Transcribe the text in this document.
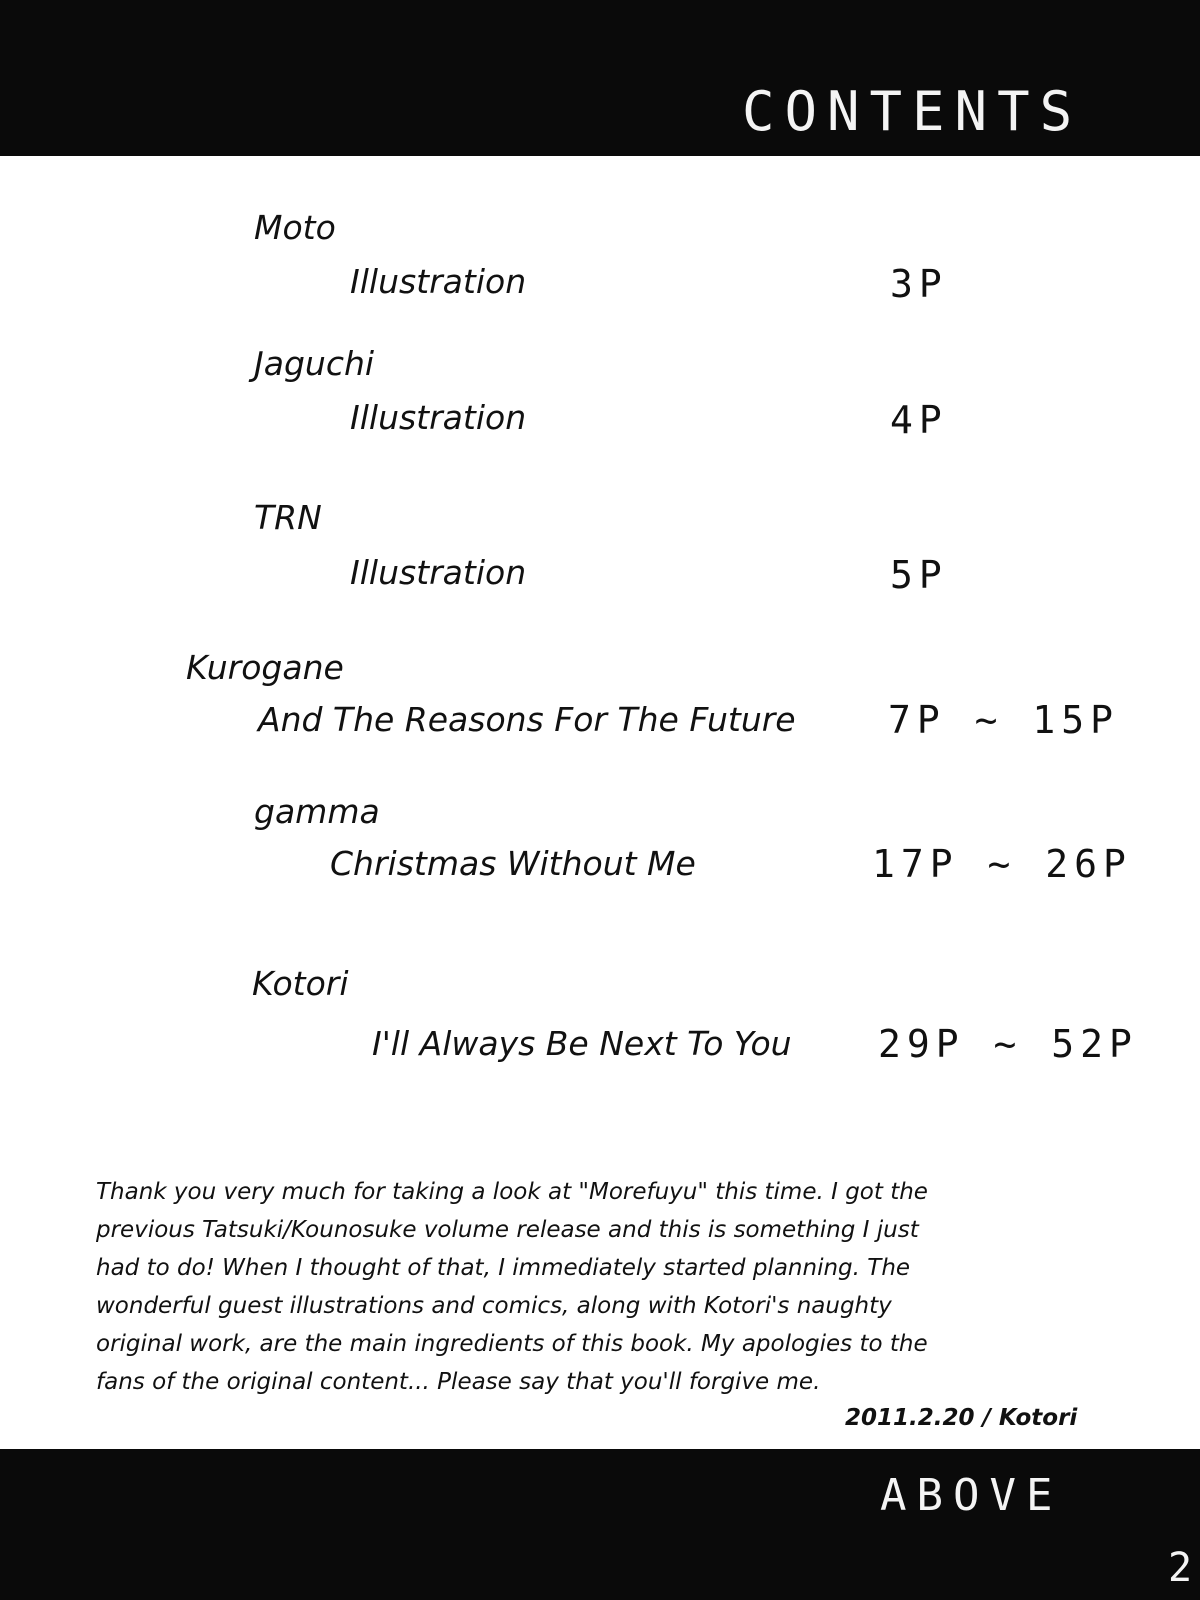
CONTENTS
Moto
Illustration	3P
Jaguchi
Illustration	4P
TRN
Illustration	5P
Kurogane
And The Reasons For The Future 7P ~ 15P
gamma
Christmas Without Me	17P ~ 26P
Kotori
I'll Always Be Next To You 29P ~ 52P
Thank you very much for taking a look at "Morefuyu" this time. I got the
previous Tatsuki/Kounosuke volume release and this is something I just
had to do! When I thought of that, I immediately started planning. The
wonderful guest illustrations and comics, along with Kotori's naughty
original work, are the main ingredients of this book. My apologies to the
fans of the original content... Please say that you'll forgive me.
2011.2.20 / Kotori
ABOVE
2
